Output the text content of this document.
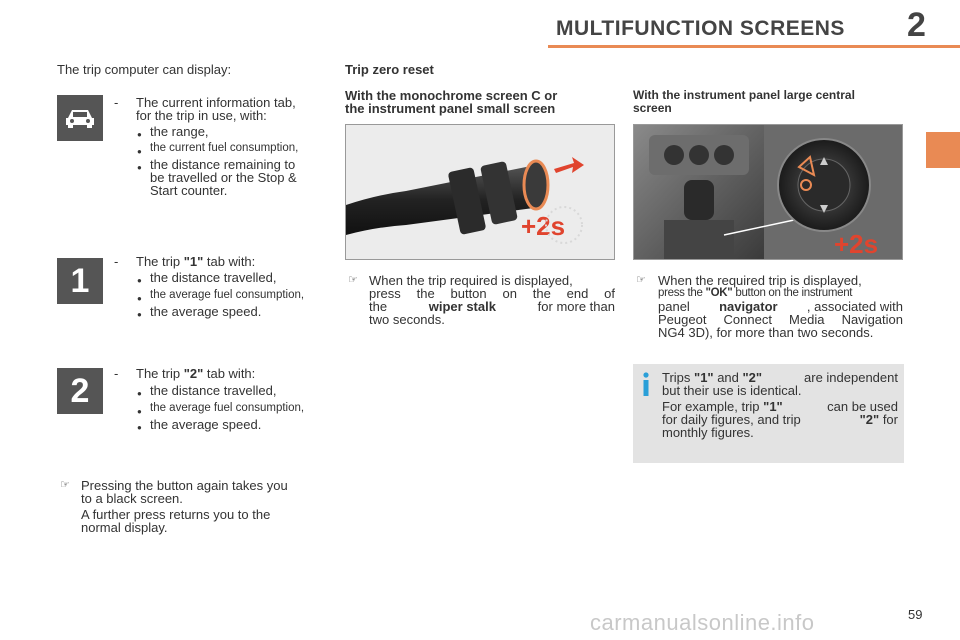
MULTIFUNCTION SCREENS 2
The trip computer can display:
- The current information tab,
for the trip in use, with:
● the range,
● the current fuel consumption,
● the distance remaining to
be travelled or the Stop &
Start counter.
1 - The trip "1" tab with:
● the distance travelled,
● the average fuel consumption,
● the average speed.
2 - The trip "2" tab with:
● the distance travelled,
● the average fuel consumption,
● the average speed.
☞ Pressing the button again takes you
to a black screen.
A further press returns you to the
normal display.
Trip zero reset
With the monochrome screen C or
the instrument panel small screen
+2s
☞ When the trip required is displayed,
press the button on the end of
the	wiper stalk	for more than
two seconds.
With the instrument panel large central
screen
+2s
☞ When the required trip is displayed,
press the "OK" button on the instrument
panel navigator , associated with
Peugeot Connect Media Navigation
NG4 3D), for more than two seconds.
Trips "1" and "2"	are independent
but their use is identical.
For example, trip "1"	can be used
for daily figures, and trip	"2" for
monthly figures.
59
carmanualsonline.info
